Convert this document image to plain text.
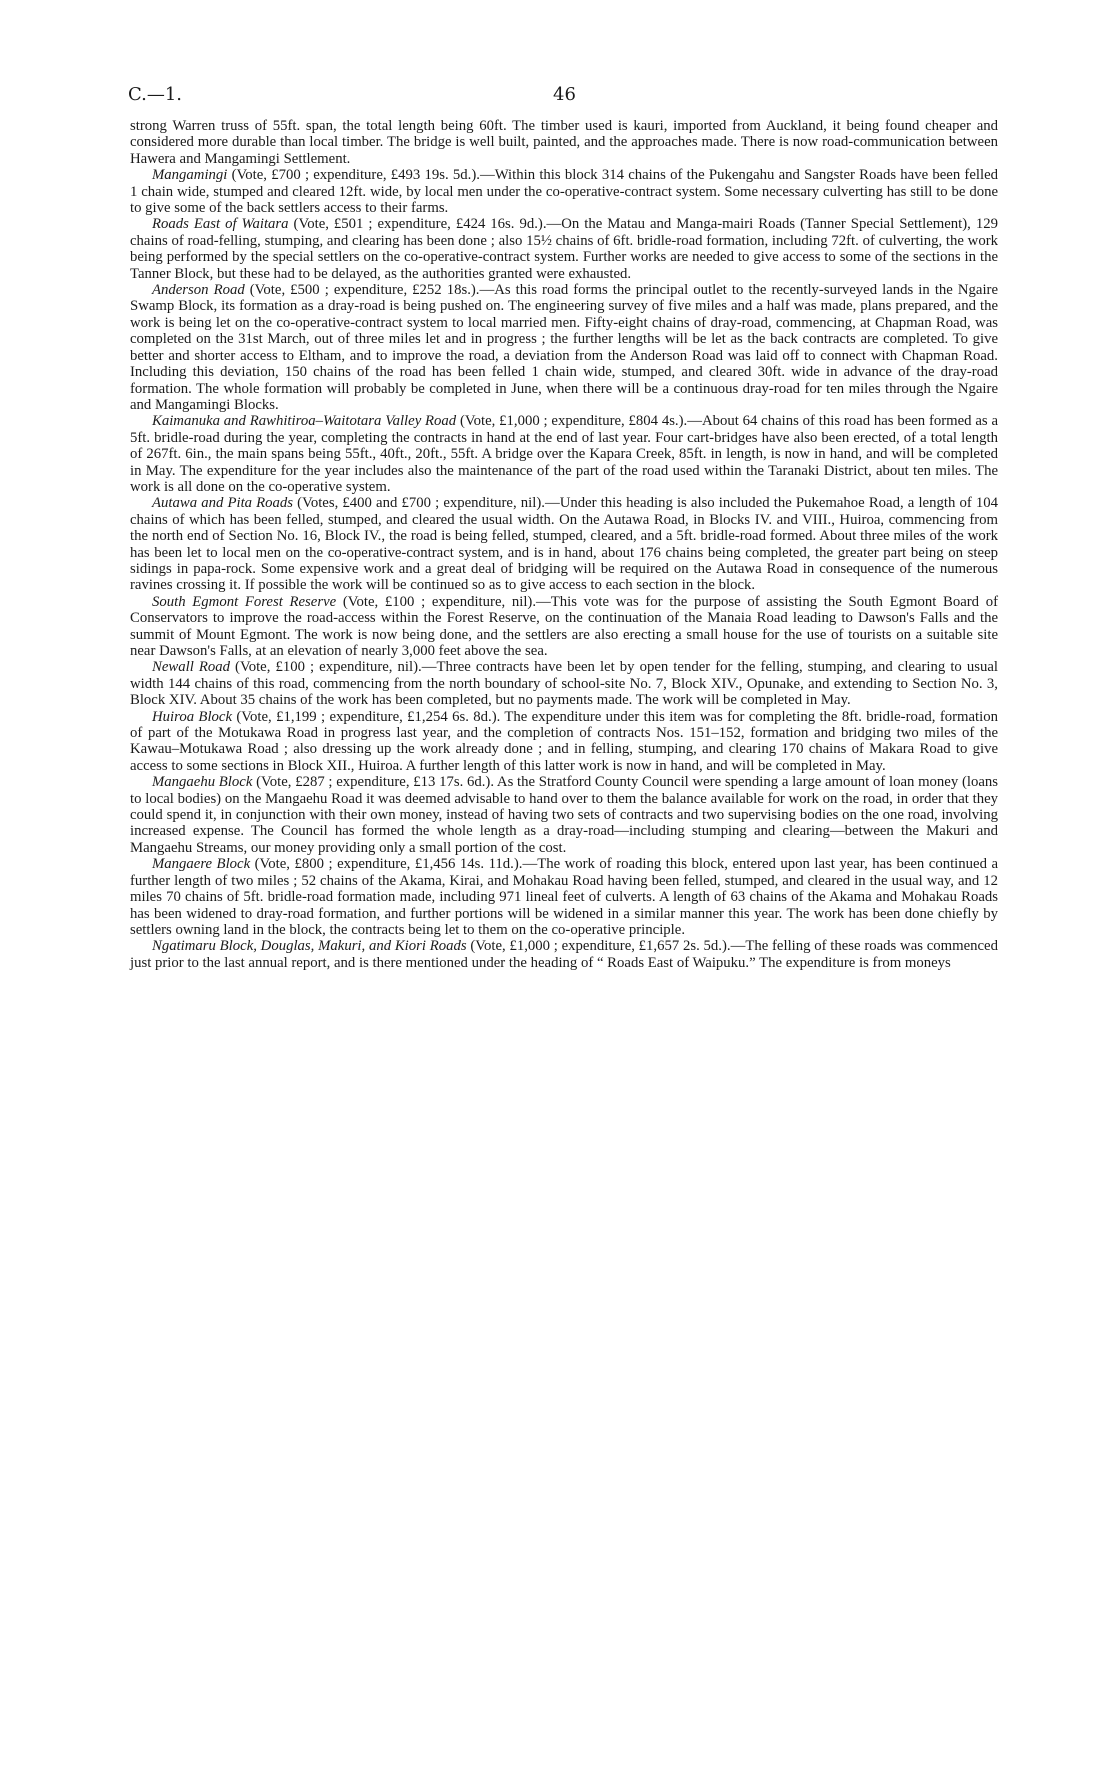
C.—1.	46

strong Warren truss of 55ft. span, the total length being 60ft. The timber used is kauri, imported from Auckland, it being found cheaper and considered more durable than local timber. The bridge is well built, painted, and the approaches made. There is now road-communication between Hawera and Mangamingi Settlement.

Mangamingi (Vote, £700 ; expenditure, £493 19s. 5d.).—Within this block 314 chains of the Pukengahu and Sangster Roads have been felled 1 chain wide, stumped and cleared 12ft. wide, by local men under the co-operative-contract system. Some necessary culverting has still to be done to give some of the back settlers access to their farms.

Roads East of Waitara (Vote, £501 ; expenditure, £424 16s. 9d.).—On the Matau and Manga-mairi Roads (Tanner Special Settlement), 129 chains of road-felling, stumping, and clearing has been done ; also 15½ chains of 6ft. bridle-road formation, including 72ft. of culverting, the work being performed by the special settlers on the co-operative-contract system. Further works are needed to give access to some of the sections in the Tanner Block, but these had to be delayed, as the authorities granted were exhausted.

Anderson Road (Vote, £500 ; expenditure, £252 18s.).—As this road forms the principal outlet to the recently-surveyed lands in the Ngaire Swamp Block, its formation as a dray-road is being pushed on. The engineering survey of five miles and a half was made, plans prepared, and the work is being let on the co-operative-contract system to local married men. Fifty-eight chains of dray-road, commencing, at Chapman Road, was completed on the 31st March, out of three miles let and in progress ; the further lengths will be let as the back contracts are completed. To give better and shorter access to Eltham, and to improve the road, a deviation from the Anderson Road was laid off to connect with Chapman Road. Including this deviation, 150 chains of the road has been felled 1 chain wide, stumped, and cleared 30ft. wide in advance of the dray-road formation. The whole formation will probably be completed in June, when there will be a continuous dray-road for ten miles through the Ngaire and Mangamingi Blocks.

Kaimanuka and Rawhitiroa–Waitotara Valley Road (Vote, £1,000 ; expenditure, £804 4s.).—About 64 chains of this road has been formed as a 5ft. bridle-road during the year, completing the contracts in hand at the end of last year. Four cart-bridges have also been erected, of a total length of 267ft. 6in., the main spans being 55ft., 40ft., 20ft., 55ft. A bridge over the Kapara Creek, 85ft. in length, is now in hand, and will be completed in May. The expenditure for the year includes also the maintenance of the part of the road used within the Taranaki District, about ten miles. The work is all done on the co-operative system.

Autawa and Pita Roads (Votes, £400 and £700 ; expenditure, nil).—Under this heading is also included the Pukemahoe Road, a length of 104 chains of which has been felled, stumped, and cleared the usual width. On the Autawa Road, in Blocks IV. and VIII., Huiroa, commencing from the north end of Section No. 16, Block IV., the road is being felled, stumped, cleared, and a 5ft. bridle-road formed. About three miles of the work has been let to local men on the co-operative-contract system, and is in hand, about 176 chains being completed, the greater part being on steep sidings in papa-rock. Some expensive work and a great deal of bridging will be required on the Autawa Road in consequence of the numerous ravines crossing it. If possible the work will be continued so as to give access to each section in the block.

South Egmont Forest Reserve (Vote, £100 ; expenditure, nil).—This vote was for the purpose of assisting the South Egmont Board of Conservators to improve the road-access within the Forest Reserve, on the continuation of the Manaia Road leading to Dawson's Falls and the summit of Mount Egmont. The work is now being done, and the settlers are also erecting a small house for the use of tourists on a suitable site near Dawson's Falls, at an elevation of nearly 3,000 feet above the sea.

Newall Road (Vote, £100 ; expenditure, nil).—Three contracts have been let by open tender for the felling, stumping, and clearing to usual width 144 chains of this road, commencing from the north boundary of school-site No. 7, Block XIV., Opunake, and extending to Section No. 3, Block XIV. About 35 chains of the work has been completed, but no payments made. The work will be completed in May.

Huiroa Block (Vote, £1,199 ; expenditure, £1,254 6s. 8d.). The expenditure under this item was for completing the 8ft. bridle-road, formation of part of the Motukawa Road in progress last year, and the completion of contracts Nos. 151–152, formation and bridging two miles of the Kawau–Motukawa Road ; also dressing up the work already done ; and in felling, stumping, and clearing 170 chains of Makara Road to give access to some sections in Block XII., Huiroa. A further length of this latter work is now in hand, and will be completed in May.

Mangaehu Block (Vote, £287 ; expenditure, £13 17s. 6d.). As the Stratford County Council were spending a large amount of loan money (loans to local bodies) on the Mangaehu Road it was deemed advisable to hand over to them the balance available for work on the road, in order that they could spend it, in conjunction with their own money, instead of having two sets of contracts and two supervising bodies on the one road, involving increased expense. The Council has formed the whole length as a dray-road—including stumping and clearing—between the Makuri and Mangaehu Streams, our money providing only a small portion of the cost.

Mangaere Block (Vote, £800 ; expenditure, £1,456 14s. 11d.).—The work of roading this block, entered upon last year, has been continued a further length of two miles ; 52 chains of the Akama, Kirai, and Mohakau Road having been felled, stumped, and cleared in the usual way, and 12 miles 70 chains of 5ft. bridle-road formation made, including 971 lineal feet of culverts. A length of 63 chains of the Akama and Mohakau Roads has been widened to dray-road formation, and further portions will be widened in a similar manner this year. The work has been done chiefly by settlers owning land in the block, the contracts being let to them on the co-operative principle.

Ngatimaru Block, Douglas, Makuri, and Kiori Roads (Vote, £1,000 ; expenditure, £1,657 2s. 5d.).—The felling of these roads was commenced just prior to the last annual report, and is there mentioned under the heading of “ Roads East of Waipuku.” The expenditure is from moneys
